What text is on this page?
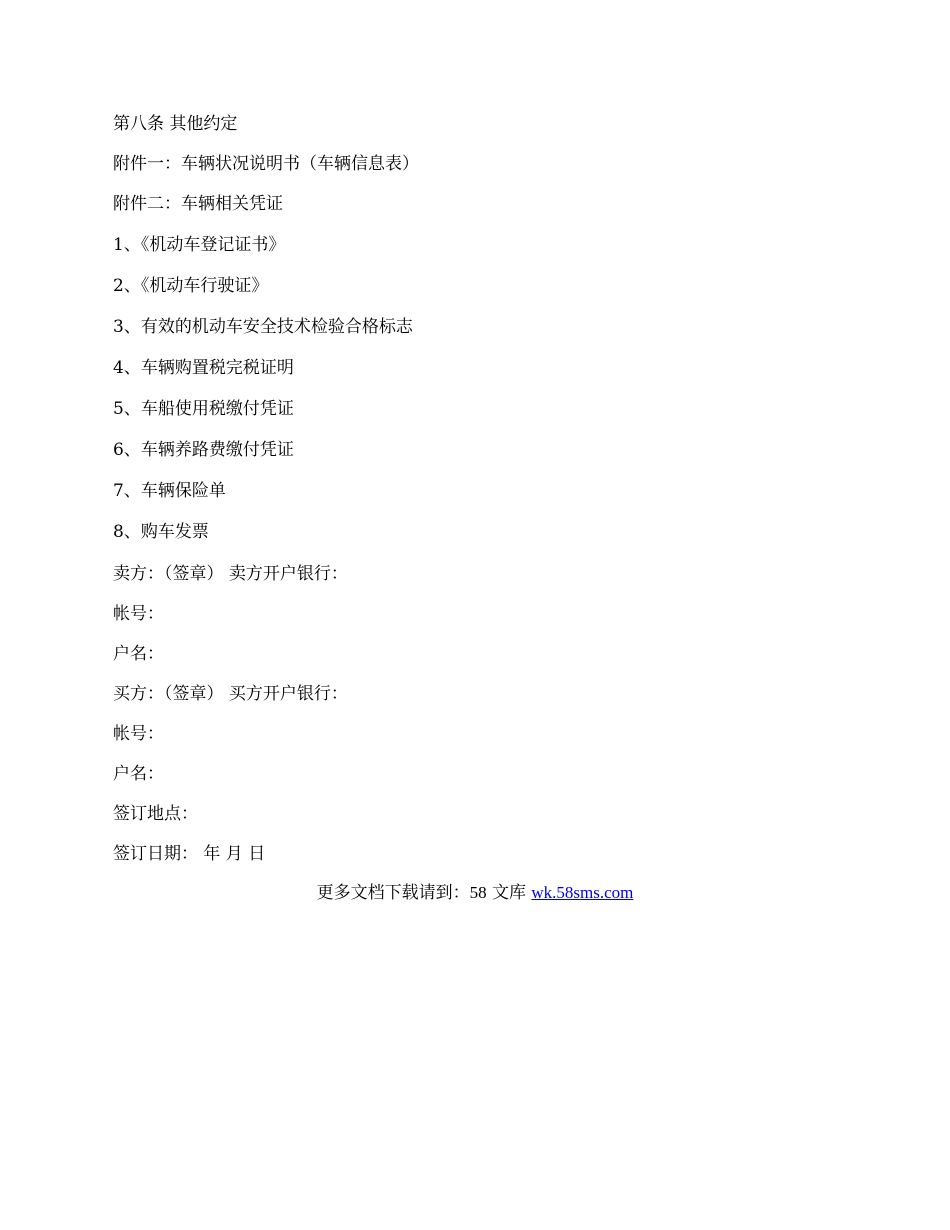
第八条 其他约定
附件一：车辆状况说明书（车辆信息表）
附件二：车辆相关凭证
1、《机动车登记证书》
2、《机动车行驶证》
3、有效的机动车安全技术检验合格标志
4、车辆购置税完税证明
5、车船使用税缴付凭证
6、车辆养路费缴付凭证
7、车辆保险单
8、购车发票
卖方：（签章） 卖方开户银行：
帐号：
户名：
买方：（签章） 买方开户银行：
帐号：
户名：
签订地点：
签订日期： 年 月 日
更多文档下载请到：58 文库 wk.58sms.com
